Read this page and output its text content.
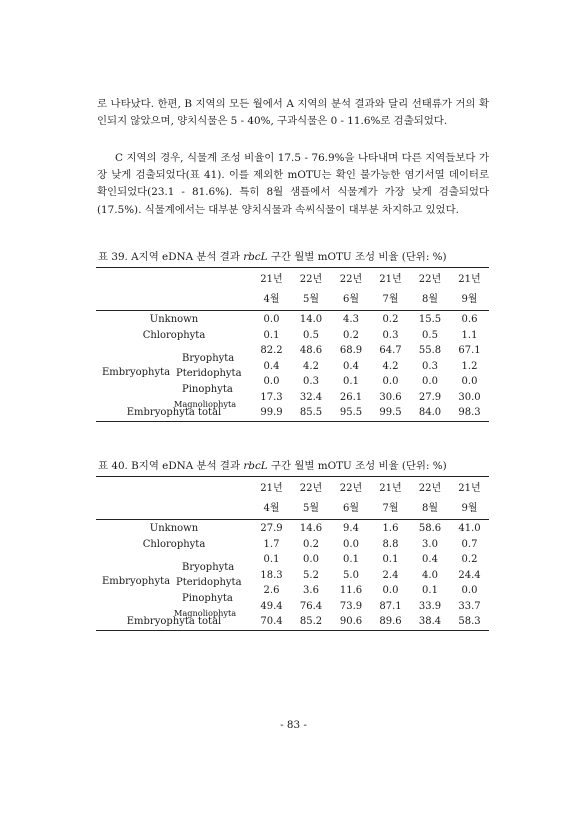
로 나타났다. 한편, B 지역의 모든 월에서 A 지역의 분석 결과와 달리 선태류가 거의 확인되지 않았으며, 양치식물은 5 - 40%, 구과식물은 0 - 11.6%로 검출되었다.

C 지역의 경우, 식물계 조성 비율이 17.5 - 76.9%을 나타내며 다른 지역들보다 가장 낮게 검출되었다(표 41). 이를 제외한 mOTU는 확인 불가능한 염기서열 데이터로 확인되었다(23.1 - 81.6%). 특히 8월 샘플에서 식물계가 가장 낮게 검출되었다(17.5%). 식물계에서는 대부분 양치식물과 속씨식물이 대부분 차지하고 있었다.

표 39. A지역 eDNA 분석 결과 rbcL 구간 월별 mOTU 조성 비율 (단위: %)

	21년	22년	22년	21년	22년	21년
	4월	5월	6월	7월	8월	9월
Unknown	0.0	14.0	4.3	0.2	15.5	0.6
Chlorophyta	0.1	0.5	0.2	0.3	0.5	1.1

Embryophyta
Bryophyta	82.2	48.6	68.9	64.7	55.8	67.1

Pteridophyta	0.4	4.2	0.4	4.2	0.3	1.2

Pinophyta	0.0	0.3	0.1	0.0	0.0	0.0

Magnoliophyta	17.3	32.4	26.1	30.6	27.9	30.0
Embryophyta total	99.9	85.5	95.5	99.5	84.0	98.3

표 40. B지역 eDNA 분석 결과 rbcL 구간 월별 mOTU 조성 비율 (단위: %)

	21년	22년	22년	21년	22년	21년
	4월	5월	6월	7월	8월	9월
Unknown	27.9	14.6	9.4	1.6	58.6	41.0
Chlorophyta	1.7	0.2	0.0	8.8	3.0	0.7

Embryophyta
Bryophyta	0.1	0.0	0.1	0.1	0.4	0.2

Pteridophyta	18.3	5.2	5.0	2.4	4.0	24.4

Pinophyta	2.6	3.6	11.6	0.0	0.1	0.0

Magnoliophyta	49.4	76.4	73.9	87.1	33.9	33.7
Embryophyta total	70.4	85.2	90.6	89.6	38.4	58.3

- 83 -
